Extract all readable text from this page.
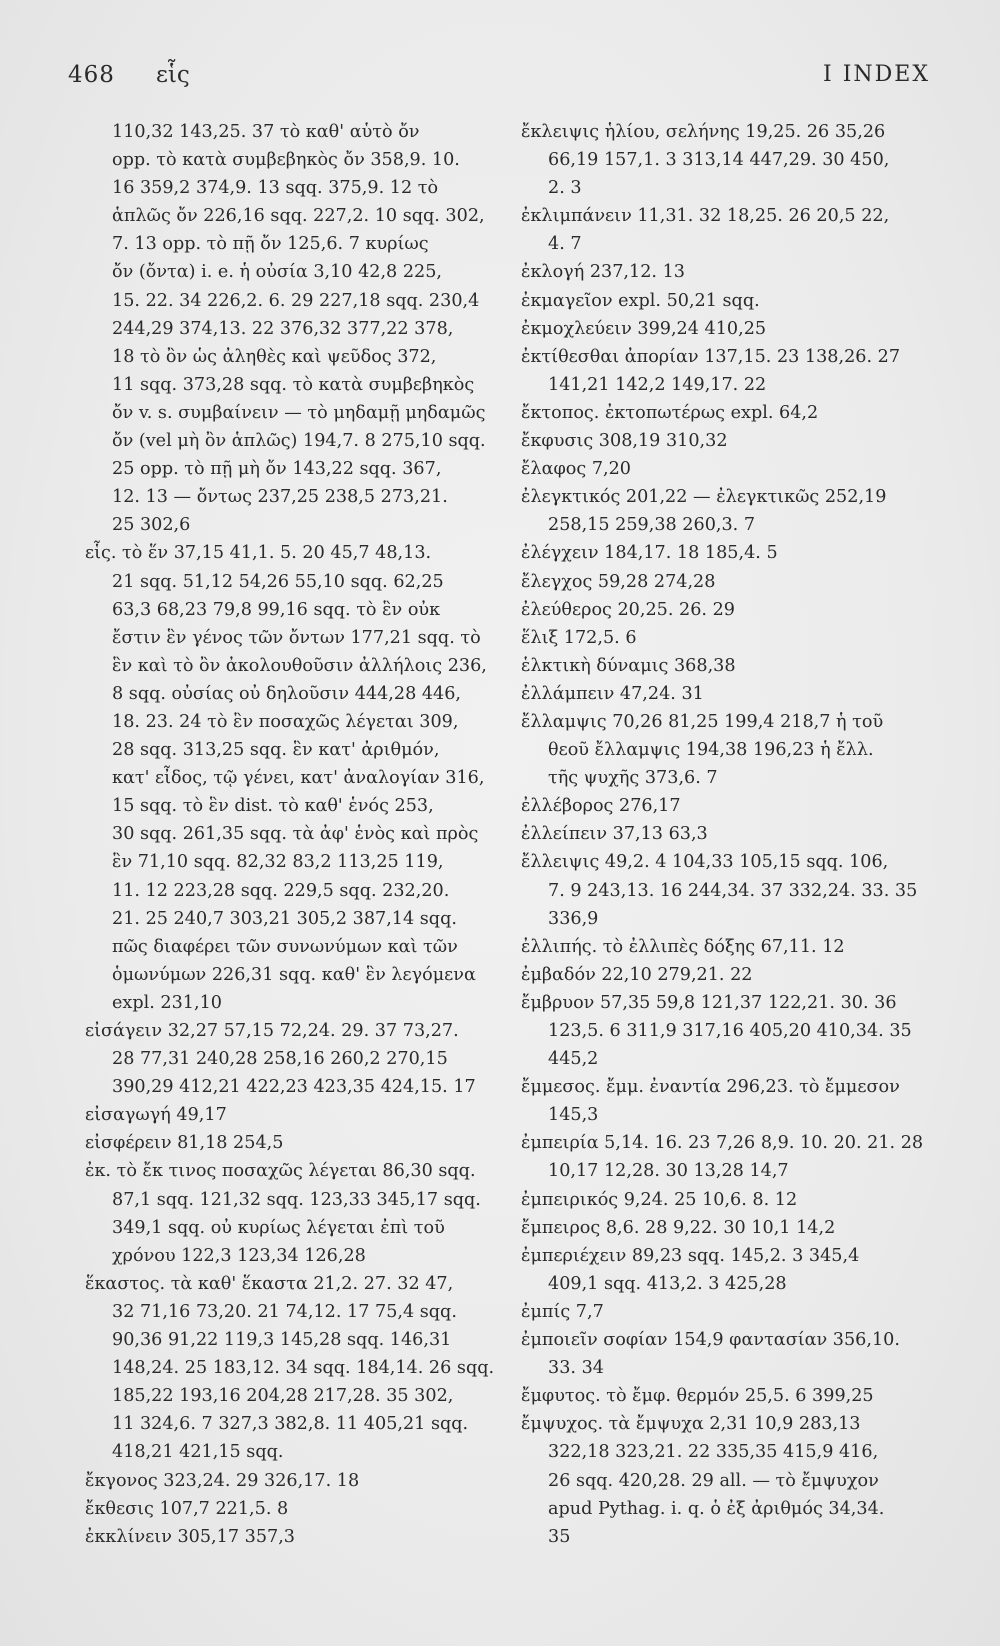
468 εἷς	I INDEX
110,32 143,25. 37 τὸ καθ' αὑτὸ ὄν
opp. τὸ κατὰ συμβεβηκὸς ὄν 358,9. 10.
16 359,2 374,9. 13 sqq. 375,9. 12 τὸ
ἁπλῶς ὄν 226,16 sqq. 227,2. 10 sqq. 302,
7. 13 opp. τὸ πῇ ὄν 125,6. 7 κυρίως
ὄν (ὄντα) i. e. ἡ οὐσία 3,10 42,8 225,
15. 22. 34 226,2. 6. 29 227,18 sqq. 230,4
244,29 374,13. 22 376,32 377,22 378,
18 τὸ ὂν ὡς ἀληθὲς καὶ ψεῦδος 372,
11 sqq. 373,28 sqq. τὸ κατὰ συμβεβηκὸς
ὄν v. s. συμβαίνειν — τὸ μηδαμῇ μηδαμῶς
ὄν (vel μὴ ὂν ἁπλῶς) 194,7. 8 275,10 sqq.
25 opp. τὸ πῇ μὴ ὄν 143,22 sqq. 367,
12. 13 — ὄντως 237,25 238,5 273,21.
25 302,6
εἷς. τὸ ἕν 37,15 41,1. 5. 20 45,7 48,13.
21 sqq. 51,12 54,26 55,10 sqq. 62,25
63,3 68,23 79,8 99,16 sqq. τὸ ἓν οὐκ
ἔστιν ἓν γένος τῶν ὄντων 177,21 sqq. τὸ
ἓν καὶ τὸ ὂν ἀκολουθοῦσιν ἀλλήλοις 236,
8 sqq. οὐσίας οὐ δηλοῦσιν 444,28 446,
18. 23. 24 τὸ ἓν ποσαχῶς λέγεται 309,
28 sqq. 313,25 sqq. ἓν κατ' ἀριθμόν,
κατ' εἶδος, τῷ γένει, κατ' ἀναλογίαν 316,
15 sqq. τὸ ἓν dist. τὸ καθ' ἑνός 253,
30 sqq. 261,35 sqq. τὰ ἀφ' ἑνὸς καὶ πρὸς
ἓν 71,10 sqq. 82,32 83,2 113,25 119,
11. 12 223,28 sqq. 229,5 sqq. 232,20.
21. 25 240,7 303,21 305,2 387,14 sqq.
πῶς διαφέρει τῶν συνωνύμων καὶ τῶν
ὁμωνύμων 226,31 sqq. καθ' ἓν λεγόμενα
expl. 231,10
εἰσάγειν 32,27 57,15 72,24. 29. 37 73,27.
28 77,31 240,28 258,16 260,2 270,15
390,29 412,21 422,23 423,35 424,15. 17
εἰσαγωγή 49,17
εἰσφέρειν 81,18 254,5
ἐκ. τὸ ἔκ τινος ποσαχῶς λέγεται 86,30 sqq.
87,1 sqq. 121,32 sqq. 123,33 345,17 sqq.
349,1 sqq. οὐ κυρίως λέγεται ἐπὶ τοῦ
χρόνου 122,3 123,34 126,28
ἕκαστος. τὰ καθ' ἕκαστα 21,2. 27. 32 47,
32 71,16 73,20. 21 74,12. 17 75,4 sqq.
90,36 91,22 119,3 145,28 sqq. 146,31
148,24. 25 183,12. 34 sqq. 184,14. 26 sqq.
185,22 193,16 204,28 217,28. 35 302,
11 324,6. 7 327,3 382,8. 11 405,21 sqq.
418,21 421,15 sqq.
ἔκγονος 323,24. 29 326,17. 18
ἔκθεσις 107,7 221,5. 8
ἐκκλίνειν 305,17 357,3
ἔκλειψις ἡλίου, σελήνης 19,25. 26 35,26
66,19 157,1. 3 313,14 447,29. 30 450,
2. 3
ἐκλιμπάνειν 11,31. 32 18,25. 26 20,5 22,
4. 7
ἐκλογή 237,12. 13
ἐκμαγεῖον expl. 50,21 sqq.
ἐκμοχλεύειν 399,24 410,25
ἐκτίθεσθαι ἀπορίαν 137,15. 23 138,26. 27
141,21 142,2 149,17. 22
ἔκτοπος. ἐκτοπωτέρως expl. 64,2
ἔκφυσις 308,19 310,32
ἔλαφος 7,20
ἐλεγκτικός 201,22 — ἐλεγκτικῶς 252,19
258,15 259,38 260,3. 7
ἐλέγχειν 184,17. 18 185,4. 5
ἔλεγχος 59,28 274,28
ἐλεύθερος 20,25. 26. 29
ἕλιξ 172,5. 6
ἑλκτικὴ δύναμις 368,38
ἐλλάμπειν 47,24. 31
ἔλλαμψις 70,26 81,25 199,4 218,7 ἡ τοῦ
θεοῦ ἔλλαμψις 194,38 196,23 ἡ ἔλλ.
τῆς ψυχῆς 373,6. 7
ἐλλέβορος 276,17
ἐλλείπειν 37,13 63,3
ἔλλειψις 49,2. 4 104,33 105,15 sqq. 106,
7. 9 243,13. 16 244,34. 37 332,24. 33. 35
336,9
ἐλλιπής. τὸ ἐλλιπὲς δόξης 67,11. 12
ἐμβαδόν 22,10 279,21. 22
ἔμβρυον 57,35 59,8 121,37 122,21. 30. 36
123,5. 6 311,9 317,16 405,20 410,34. 35
445,2
ἔμμεσος. ἔμμ. ἐναντία 296,23. τὸ ἔμμεσον
145,3
ἐμπειρία 5,14. 16. 23 7,26 8,9. 10. 20. 21. 28
10,17 12,28. 30 13,28 14,7
ἐμπειρικός 9,24. 25 10,6. 8. 12
ἔμπειρος 8,6. 28 9,22. 30 10,1 14,2
ἐμπεριέχειν 89,23 sqq. 145,2. 3 345,4
409,1 sqq. 413,2. 3 425,28
ἐμπίς 7,7
ἐμποιεῖν σοφίαν 154,9 φαντασίαν 356,10.
33. 34
ἔμφυτος. τὸ ἔμφ. θερμόν 25,5. 6 399,25
ἔμψυχος. τὰ ἔμψυχα 2,31 10,9 283,13
322,18 323,21. 22 335,35 415,9 416,
26 sqq. 420,28. 29 all. — τὸ ἔμψυχον
apud Pythag. i. q. ὁ ἐξ ἀριθμός 34,34.
35
